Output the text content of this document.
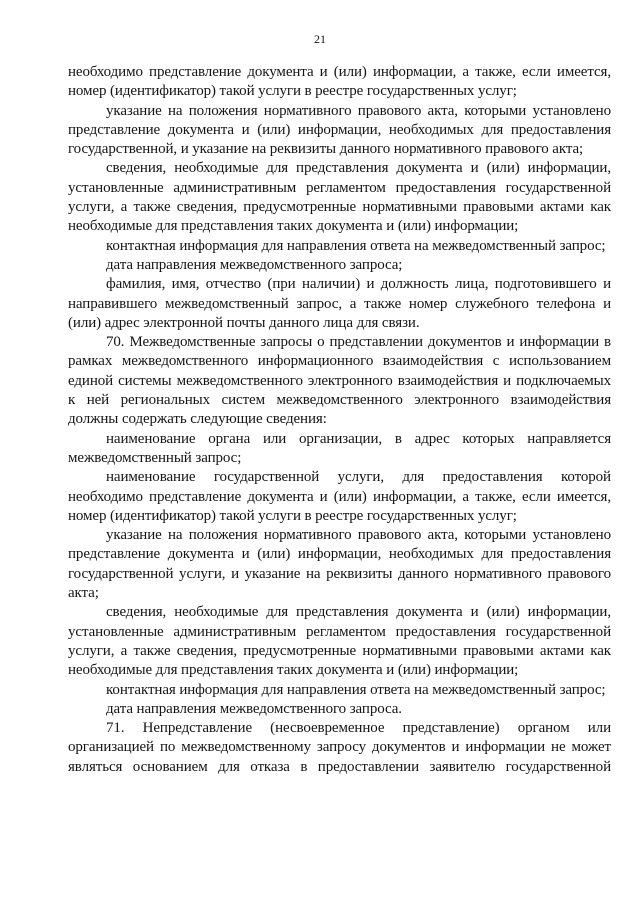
21

необходимо представление документа и (или) информации, а также, если имеется, номер (идентификатор) такой услуги в реестре государственных услуг;

указание на положения нормативного правового акта, которыми установлено представление документа и (или) информации, необходимых для предоставления государственной, и указание на реквизиты данного нормативного правового акта;

сведения, необходимые для представления документа и (или) информации, установленные административным регламентом предоставления государственной услуги, а также сведения, предусмотренные нормативными правовыми актами как необходимые для представления таких документа и (или) информации;

контактная информация для направления ответа на межведомственный запрос;

дата направления межведомственного запроса;

фамилия, имя, отчество (при наличии) и должность лица, подготовившего и направившего межведомственный запрос, а также номер служебного телефона и (или) адрес электронной почты данного лица для связи.

70. Межведомственные запросы о представлении документов и информации в рамках межведомственного информационного взаимодействия с использованием единой системы межведомственного электронного взаимодействия и подключаемых к ней региональных систем межведомственного электронного взаимодействия должны содержать следующие сведения:

наименование органа или организации, в адрес которых направляется межведомственный запрос;

наименование государственной услуги, для предоставления которой необходимо представление документа и (или) информации, а также, если имеется, номер (идентификатор) такой услуги в реестре государственных услуг;

указание на положения нормативного правового акта, которыми установлено представление документа и (или) информации, необходимых для предоставления государственной услуги, и указание на реквизиты данного нормативного правового акта;

сведения, необходимые для представления документа и (или) информации, установленные административным регламентом предоставления государственной услуги, а также сведения, предусмотренные нормативными правовыми актами как необходимые для представления таких документа и (или) информации;

контактная информация для направления ответа на межведомственный запрос;

дата направления межведомственного запроса.

71. Непредставление (несвоевременное представление) органом или организацией по межведомственному запросу документов и информации не может являться основанием для отказа в предоставлении заявителю государственной
